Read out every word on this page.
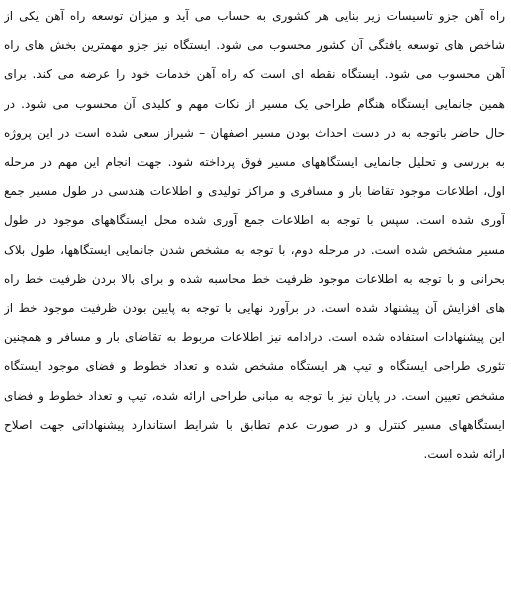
راه آهن جزو تاسیسات زیر بنایی هر کشوری به حساب می آید و میزان توسعه راه آهن یکی از
شاخص های توسعه یافتگی آن کشور محسوب می شود. ایستگاه نیز جزو مهمترین بخش های راه
آهن محسوب می شود. ایستگاه نقطه ای است که راه آهن خدمات خود را عرضه می کند. برای
همین جانمایی ایستگاه هنگام طراحی یک مسیر از نکات مهم و کلیدی آن محسوب می شود. در
حال حاضر باتوجه به در دست احداث بودن مسیر اصفهان – شیراز سعی شده است در این پروژه
به بررسی و تحلیل جانمایی ایستگاههای مسیر فوق پرداخته شود. جهت انجام این مهم در مرحله
اول، اطلاعات موجود تقاضا بار و مسافری و مراکز تولیدی و اطلاعات هندسی در طول مسیر جمع
آوری شده است. سپس با توجه به اطلاعات جمع آوری شده محل ایستگاههای موجود در طول
مسیر مشخص شده است. در مرحله دوم، با توجه به مشخص شدن جانمایی ایستگاهها، طول بلاک
بحرانی و با توجه به اطلاعات موجود ظرفیت خط محاسبه شده و برای بالا بردن ظرفیت خط راه
های افزایش آن پیشنهاد شده است. در برآورد نهایی با توجه به پایین بودن ظرفیت موجود خط از
این پیشنهادات استفاده شده است. درادامه نیز اطلاعات مربوط به تقاضای بار و مسافر و همچنین
تئوری طراحی ایستگاه و تیپ هر ایستگاه مشخص شده و تعداد خطوط و فضای موجود ایستگاه
مشخص تعیین است. در پایان نیز با توجه به مبانی طراحی ارائه شده، تیپ و تعداد خطوط و فضای
ایستگاههای مسیر کنترل و در صورت عدم تطابق با شرایط استاندارد پیشنهاداتی جهت اصلاح
ارائه شده است.
